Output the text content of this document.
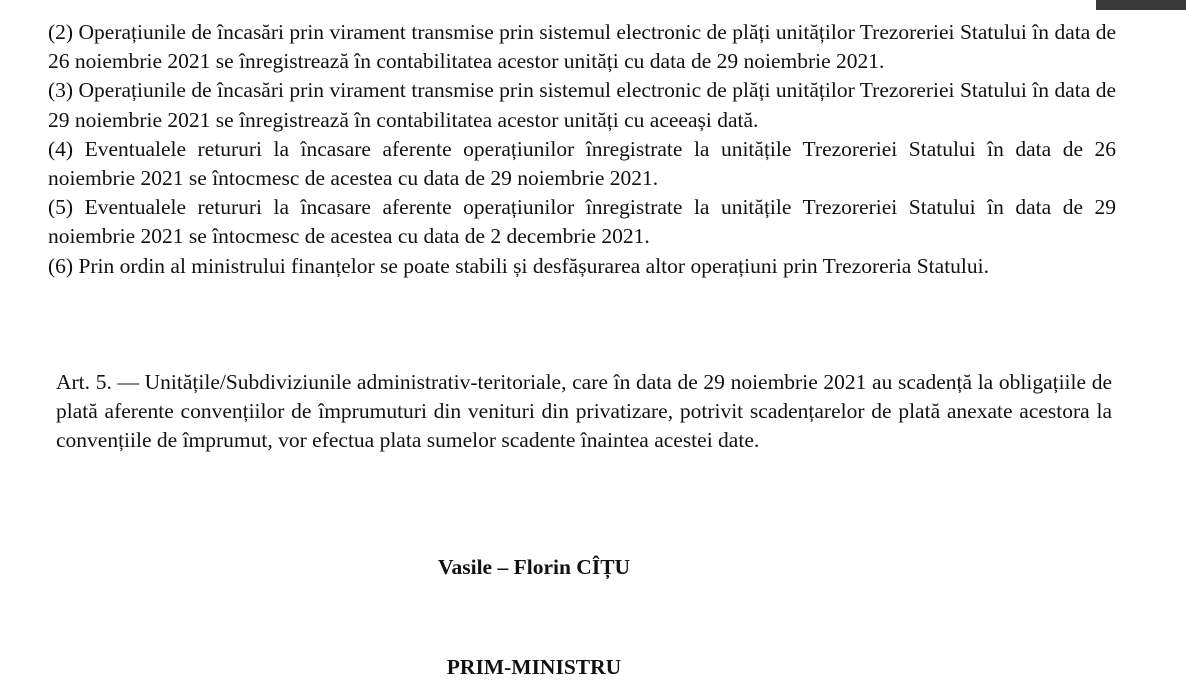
(2) Operațiunile de încasări prin virament transmise prin sistemul electronic de plăți unităților Trezoreriei Statului în data de 26 noiembrie 2021 se înregistrează în contabilitatea acestor unități cu data de 29 noiembrie 2021.

(3) Operațiunile de încasări prin virament transmise prin sistemul electronic de plăți unităților Trezoreriei Statului în data de 29 noiembrie 2021 se înregistrează în contabilitatea acestor unități cu aceeași dată.

(4) Eventualele retururi la încasare aferente operațiunilor înregistrate la unitățile Trezoreriei Statului în data de 26 noiembrie 2021 se întocmesc de acestea cu data de 29 noiembrie 2021.

(5) Eventualele retururi la încasare aferente operațiunilor înregistrate la unitățile Trezoreriei Statului în data de 29 noiembrie 2021 se întocmesc de acestea cu data de 2 decembrie 2021.

(6) Prin ordin al ministrului finanțelor se poate stabili și desfășurarea altor operațiuni prin Trezoreria Statului.

Art. 5. — Unitățile/Subdiviziunile administrativ-teritoriale, care în data de 29 noiembrie 2021 au scadență la obligațiile de plată aferente convențiilor de împrumuturi din venituri din privatizare, potrivit scadențarelor de plată anexate acestora la convențiile de împrumut, vor efectua plata sumelor scadente înaintea acestei date.
Vasile – Florin CÎȚU
PRIM-MINISTRU
